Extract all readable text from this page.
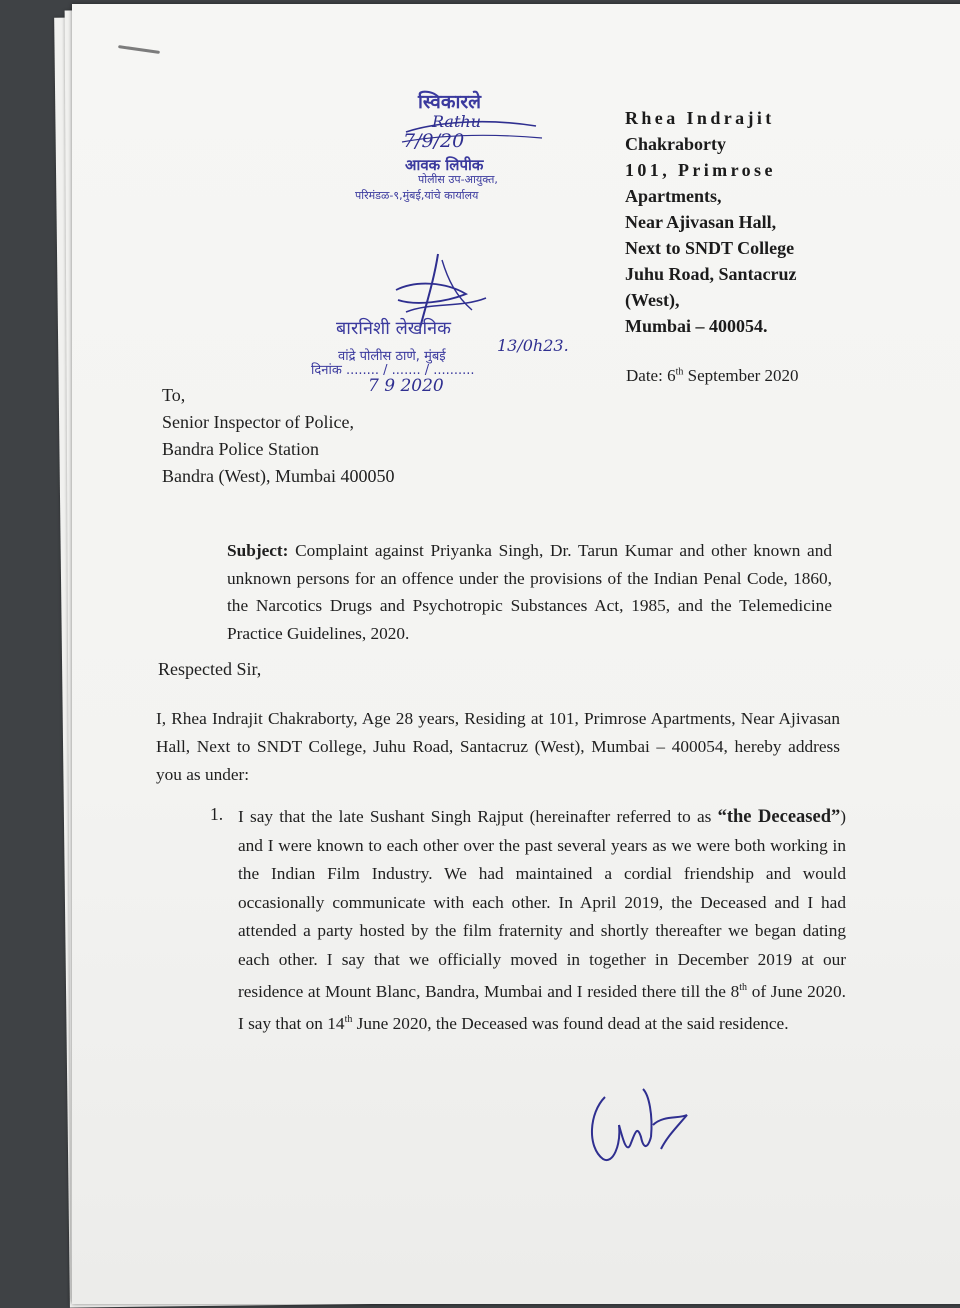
स्विकारले
Rathu
7/9/20
आवक लिपीक
पोलीस उप-आयुक्त,
परिमंडळ-९,मुंबई,यांचे कार्यालय
बारनिशी लेखनिक
13/0h23.
वांद्रे पोलीस ठाणे, मुंबई
दिनांक ........ / ....... / ..........
7 9 2020
Rhea Indrajit
Chakraborty
101, Primrose
Apartments,
Near Ajivasan Hall,
Next to SNDT College
Juhu Road, Santacruz
(West),
Mumbai – 400054.
Date: 6th September 2020
To,
Senior Inspector of Police,
Bandra Police Station
Bandra (West), Mumbai 400050
Subject: Complaint against Priyanka Singh, Dr. Tarun Kumar and other known and unknown persons for an offence under the provisions of the Indian Penal Code, 1860, the Narcotics Drugs and Psychotropic Substances Act, 1985, and the Telemedicine Practice Guidelines, 2020.
Respected Sir,
I, Rhea Indrajit Chakraborty, Age 28 years, Residing at 101, Primrose Apartments, Near Ajivasan Hall, Next to SNDT College, Juhu Road, Santacruz (West), Mumbai – 400054, hereby address you as under:
1. I say that the late Sushant Singh Rajput (hereinafter referred to as “the Deceased”) and I were known to each other over the past several years as we were both working in the Indian Film Industry. We had maintained a cordial friendship and would occasionally communicate with each other. In April 2019, the Deceased and I had attended a party hosted by the film fraternity and shortly thereafter we began dating each other. I say that we officially moved in together in December 2019 at our residence at Mount Blanc, Bandra, Mumbai and I resided there till the 8th of June 2020. I say that on 14th June 2020, the Deceased was found dead at the said residence.
